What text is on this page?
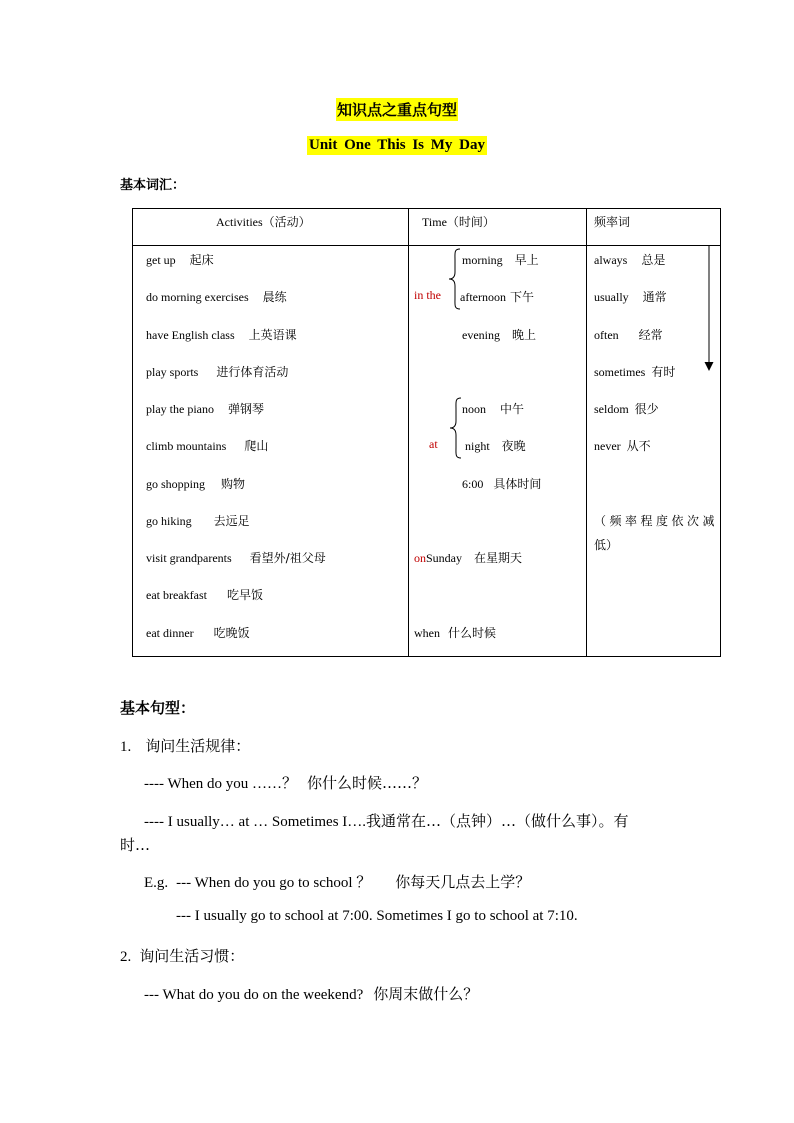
知识点之重点句型
Unit One This Is My Day
基本词汇：
Activities（活动）	Time（时间）	频率词
get up 起床
do morning exercises 晨练
have English class 上英语课
play sports 进行体育活动
play the piano 弹钢琴
climb mountains 爬山
go shopping 购物
go hiking 去远足
visit grandparents 看望外/祖父母
eat breakfast 吃早饭
eat dinner 吃晚饭
in the
morning 早上
afternoon 下午
evening 晚上
at
noon 中午
night 夜晚
6:00 具体时间
onSunday 在星期天
when 什么时候
always 总是
usually 通常
often 经常
sometimes 有时
seldom 很少
never 从不
（频率程度依次减
低）
基本句型：
1. 询问生活规律：
---- When do you ……？ 你什么时候……？
---- I usually… at … Sometimes I….我通常在…（点钟）…（做什么事）。有
时…
E.g. --- When do you go to school ？ 你每天几点去上学？
--- I usually go to school at 7:00. Sometimes I go to school at 7:10.
2. 询问生活习惯：
--- What do you do on the weekend? 你周末做什么？
